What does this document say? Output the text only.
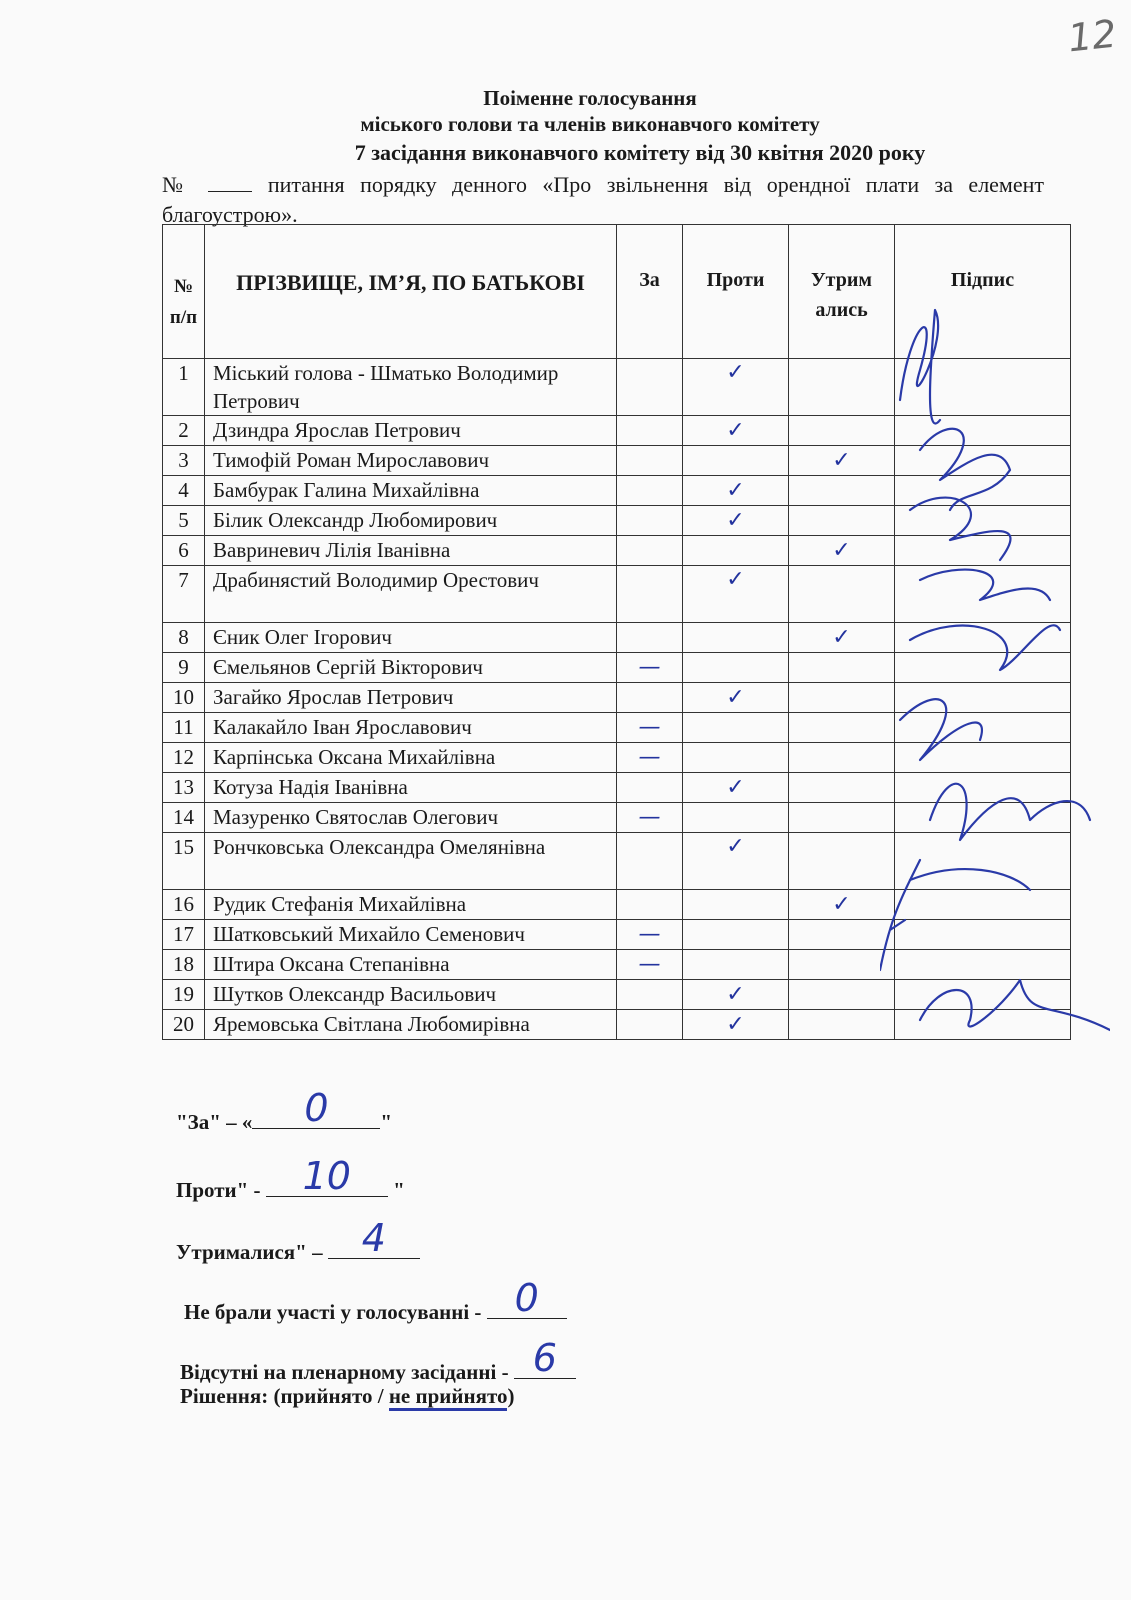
12
Поіменне голосування
міського голови та членів виконавчого комітету
7 засідання виконавчого комітету від 30 квітня 2020 року
№	питання порядку денного «Про звільнення від орендної плати за елемент благоустрою».
№ п/п	ПРІЗВИЩЕ, ІМ’Я, ПО БАТЬКОВІ	За	Проти	Утрим ались	Підпис
1	Міський голова - Шматько Володимир Петрович		✓		
2	Дзиндра Ярослав Петрович		✓		
3	Тимофій Роман Мирославович			✓	
4	Бамбурак Галина Михайлівна		✓		
5	Білик Олександр Любомирович		✓		
6	Вавриневич Лілія Іванівна			✓	
7	Драбинястий Володимир Орестович		✓		
8	Єник Олег Ігорович			✓	
9	Ємельянов Сергій Вікторович	—			
10	Загайко Ярослав Петрович		✓		
11	Калакайло Іван Ярославович	—			
12	Карпінська Оксана Михайлівна	—			
13	Котуза Надія Іванівна		✓		
14	Мазуренко Святослав Олегович	—			
15	Рончковська Олександра Омелянівна		✓		
16	Рудик Стефанія Михайлівна			✓	
17	Шатковський Михайло Семенович	—			
18	Штира Оксана Степанівна	—			
19	Шутков Олександр Васильович		✓		
20	Яремовська Світлана Любомирівна		✓		
"За" – «	0	"
Проти" -	10	"
Утрималися" –	4
Не брали участі у голосуванні - 0
Відсутні на пленарному засіданні - 6
Рішення: (прийнято / не прийнято)
